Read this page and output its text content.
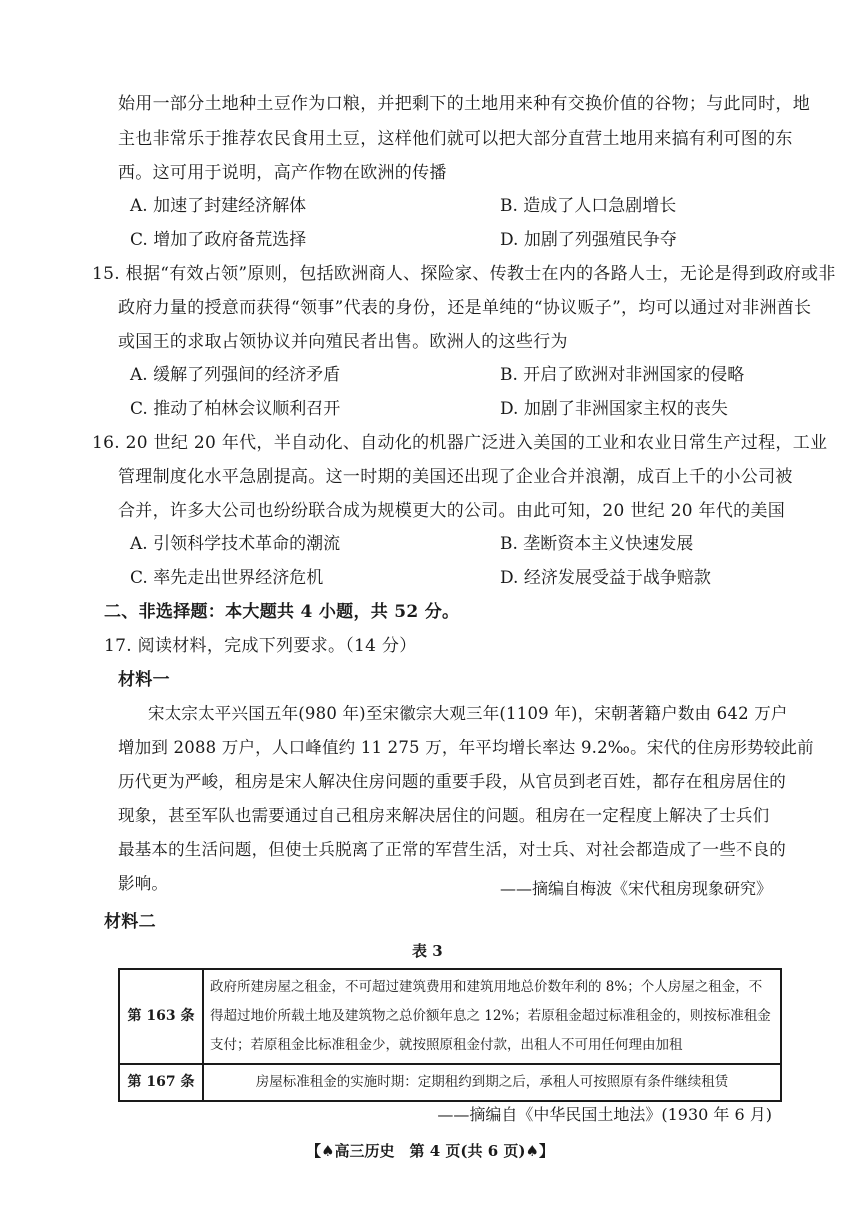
始用一部分土地种土豆作为口粮，并把剩下的土地用来种有交换价值的谷物；与此同时，地
主也非常乐于推荐农民食用土豆，这样他们就可以把大部分直营土地用来搞有利可图的东
西。这可用于说明，高产作物在欧洲的传播
A. 加速了封建经济解体	B. 造成了人口急剧增长
C. 增加了政府备荒选择	D. 加剧了列强殖民争夺
15. 根据“有效占领”原则，包括欧洲商人、探险家、传教士在内的各路人士，无论是得到政府或非
政府力量的授意而获得“领事”代表的身份，还是单纯的“协议贩子”，均可以通过对非洲酋长
或国王的求取占领协议并向殖民者出售。欧洲人的这些行为
A. 缓解了列强间的经济矛盾	B. 开启了欧洲对非洲国家的侵略
C. 推动了柏林会议顺利召开	D. 加剧了非洲国家主权的丧失
16. 20 世纪 20 年代，半自动化、自动化的机器广泛进入美国的工业和农业日常生产过程，工业
管理制度化水平急剧提高。这一时期的美国还出现了企业合并浪潮，成百上千的小公司被
合并，许多大公司也纷纷联合成为规模更大的公司。由此可知，20 世纪 20 年代的美国
A. 引领科学技术革命的潮流	B. 垄断资本主义快速发展
C. 率先走出世界经济危机	D. 经济发展受益于战争赔款
二、非选择题：本大题共 4 小题，共 52 分。
17. 阅读材料，完成下列要求。（14 分）
材料一
宋太宗太平兴国五年(980 年)至宋徽宗大观三年(1109 年)，宋朝著籍户数由 642 万户
增加到 2088 万户，人口峰值约 11 275 万，年平均增长率达 9.2‰。宋代的住房形势较此前
历代更为严峻，租房是宋人解决住房问题的重要手段，从官员到老百姓，都存在租房居住的
现象，甚至军队也需要通过自己租房来解决居住的问题。租房在一定程度上解决了士兵们
最基本的生活问题，但使士兵脱离了正常的军营生活，对士兵、对社会都造成了一些不良的
影响。	——摘编自梅波《宋代租房现象研究》
材料二
表 3
第 163 条	政府所建房屋之租金，不可超过建筑费用和建筑用地总价数年利的 8%；个人房屋之租金，不得超过地价所载土地及建筑物之总价额年息之 12%；若原租金超过标准租金的，则按标准租金支付；若原租金比标准租金少，就按照原租金付款，出租人不可用任何理由加租
第 167 条	房屋标准租金的实施时期：定期租约到期之后，承租人可按照原有条件继续租赁
——摘编自《中华民国土地法》(1930 年 6 月)
【♠高三历史　第 4 页(共 6 页)♠】
